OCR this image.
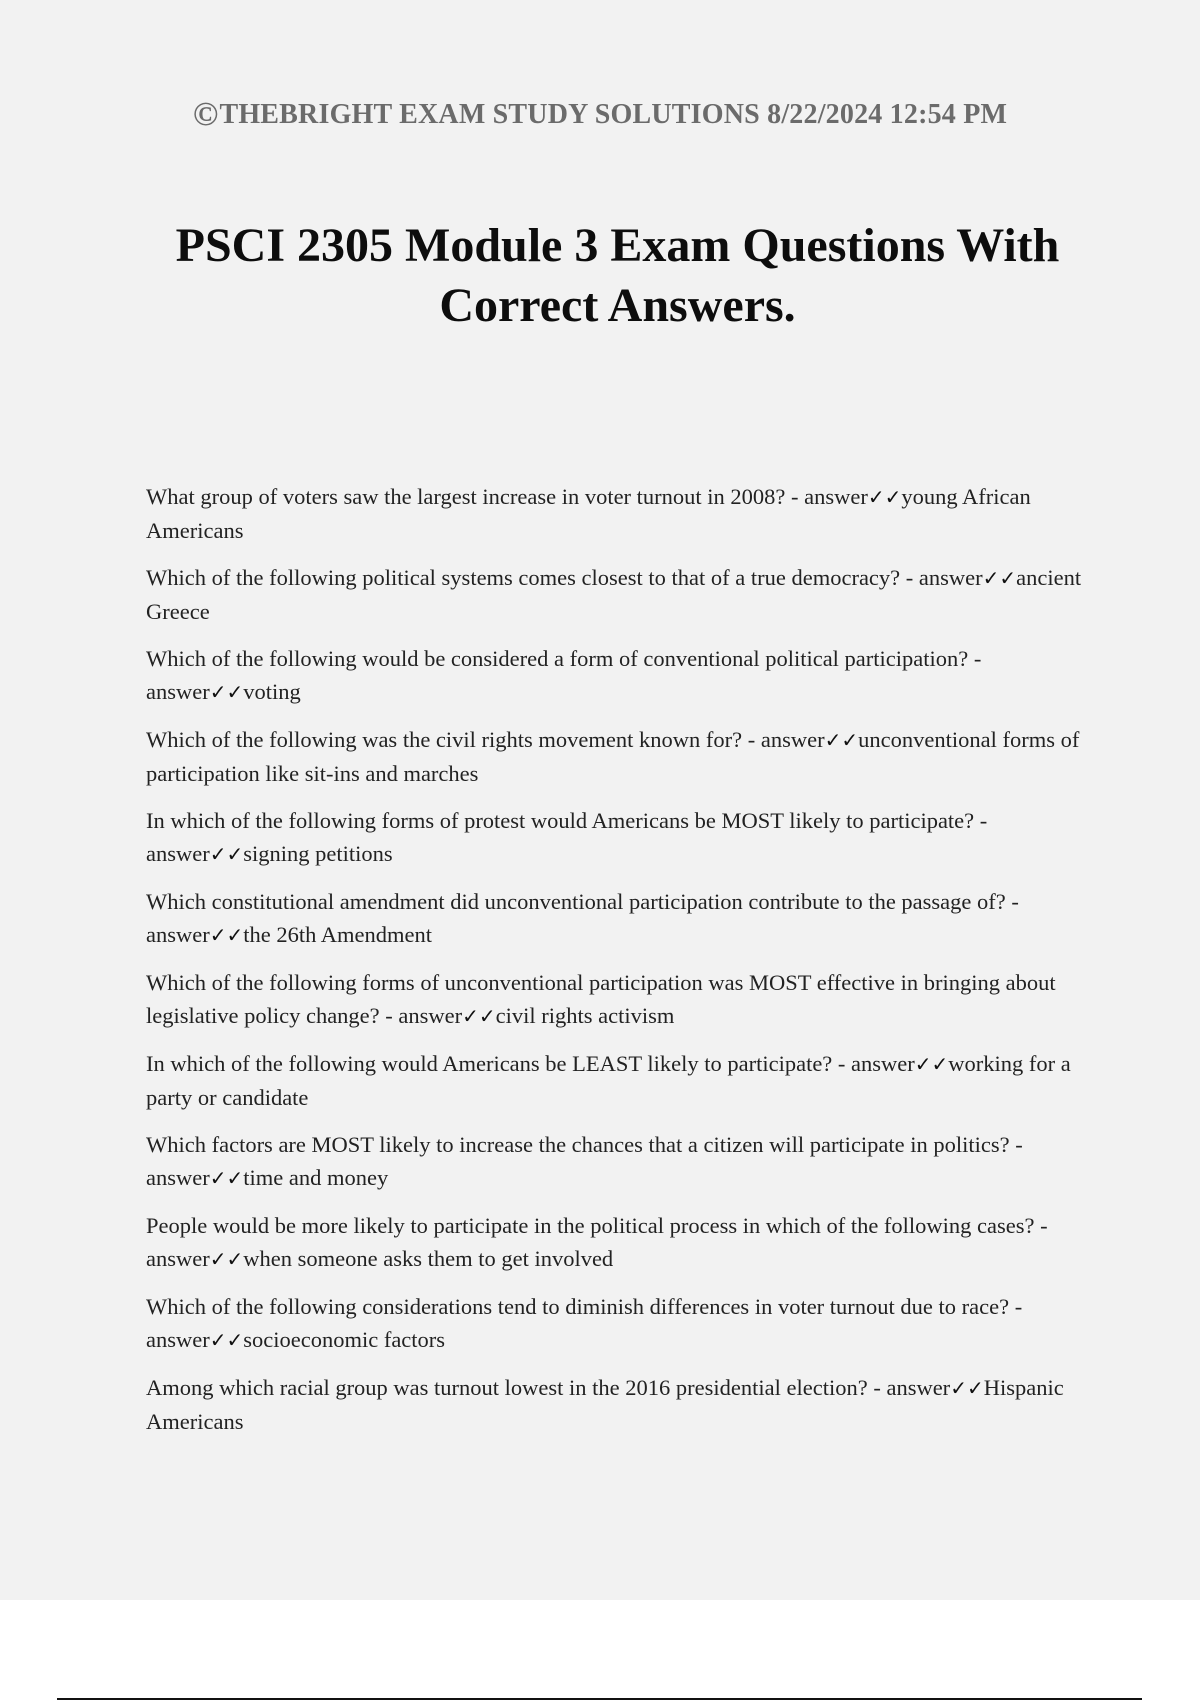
©THEBRIGHT EXAM STUDY SOLUTIONS 8/22/2024 12:54 PM
PSCI 2305 Module 3 Exam Questions With Correct Answers.
What group of voters saw the largest increase in voter turnout in 2008? - answer✓✓young African Americans
Which of the following political systems comes closest to that of a true democracy? - answer✓✓ancient Greece
Which of the following would be considered a form of conventional political participation? - answer✓✓voting
Which of the following was the civil rights movement known for? - answer✓✓unconventional forms of participation like sit-ins and marches
In which of the following forms of protest would Americans be MOST likely to participate? - answer✓✓signing petitions
Which constitutional amendment did unconventional participation contribute to the passage of? - answer✓✓the 26th Amendment
Which of the following forms of unconventional participation was MOST effective in bringing about legislative policy change? - answer✓✓civil rights activism
In which of the following would Americans be LEAST likely to participate? - answer✓✓working for a party or candidate
Which factors are MOST likely to increase the chances that a citizen will participate in politics? - answer✓✓time and money
People would be more likely to participate in the political process in which of the following cases? - answer✓✓when someone asks them to get involved
Which of the following considerations tend to diminish differences in voter turnout due to race? - answer✓✓socioeconomic factors
Among which racial group was turnout lowest in the 2016 presidential election? - answer✓✓Hispanic Americans
